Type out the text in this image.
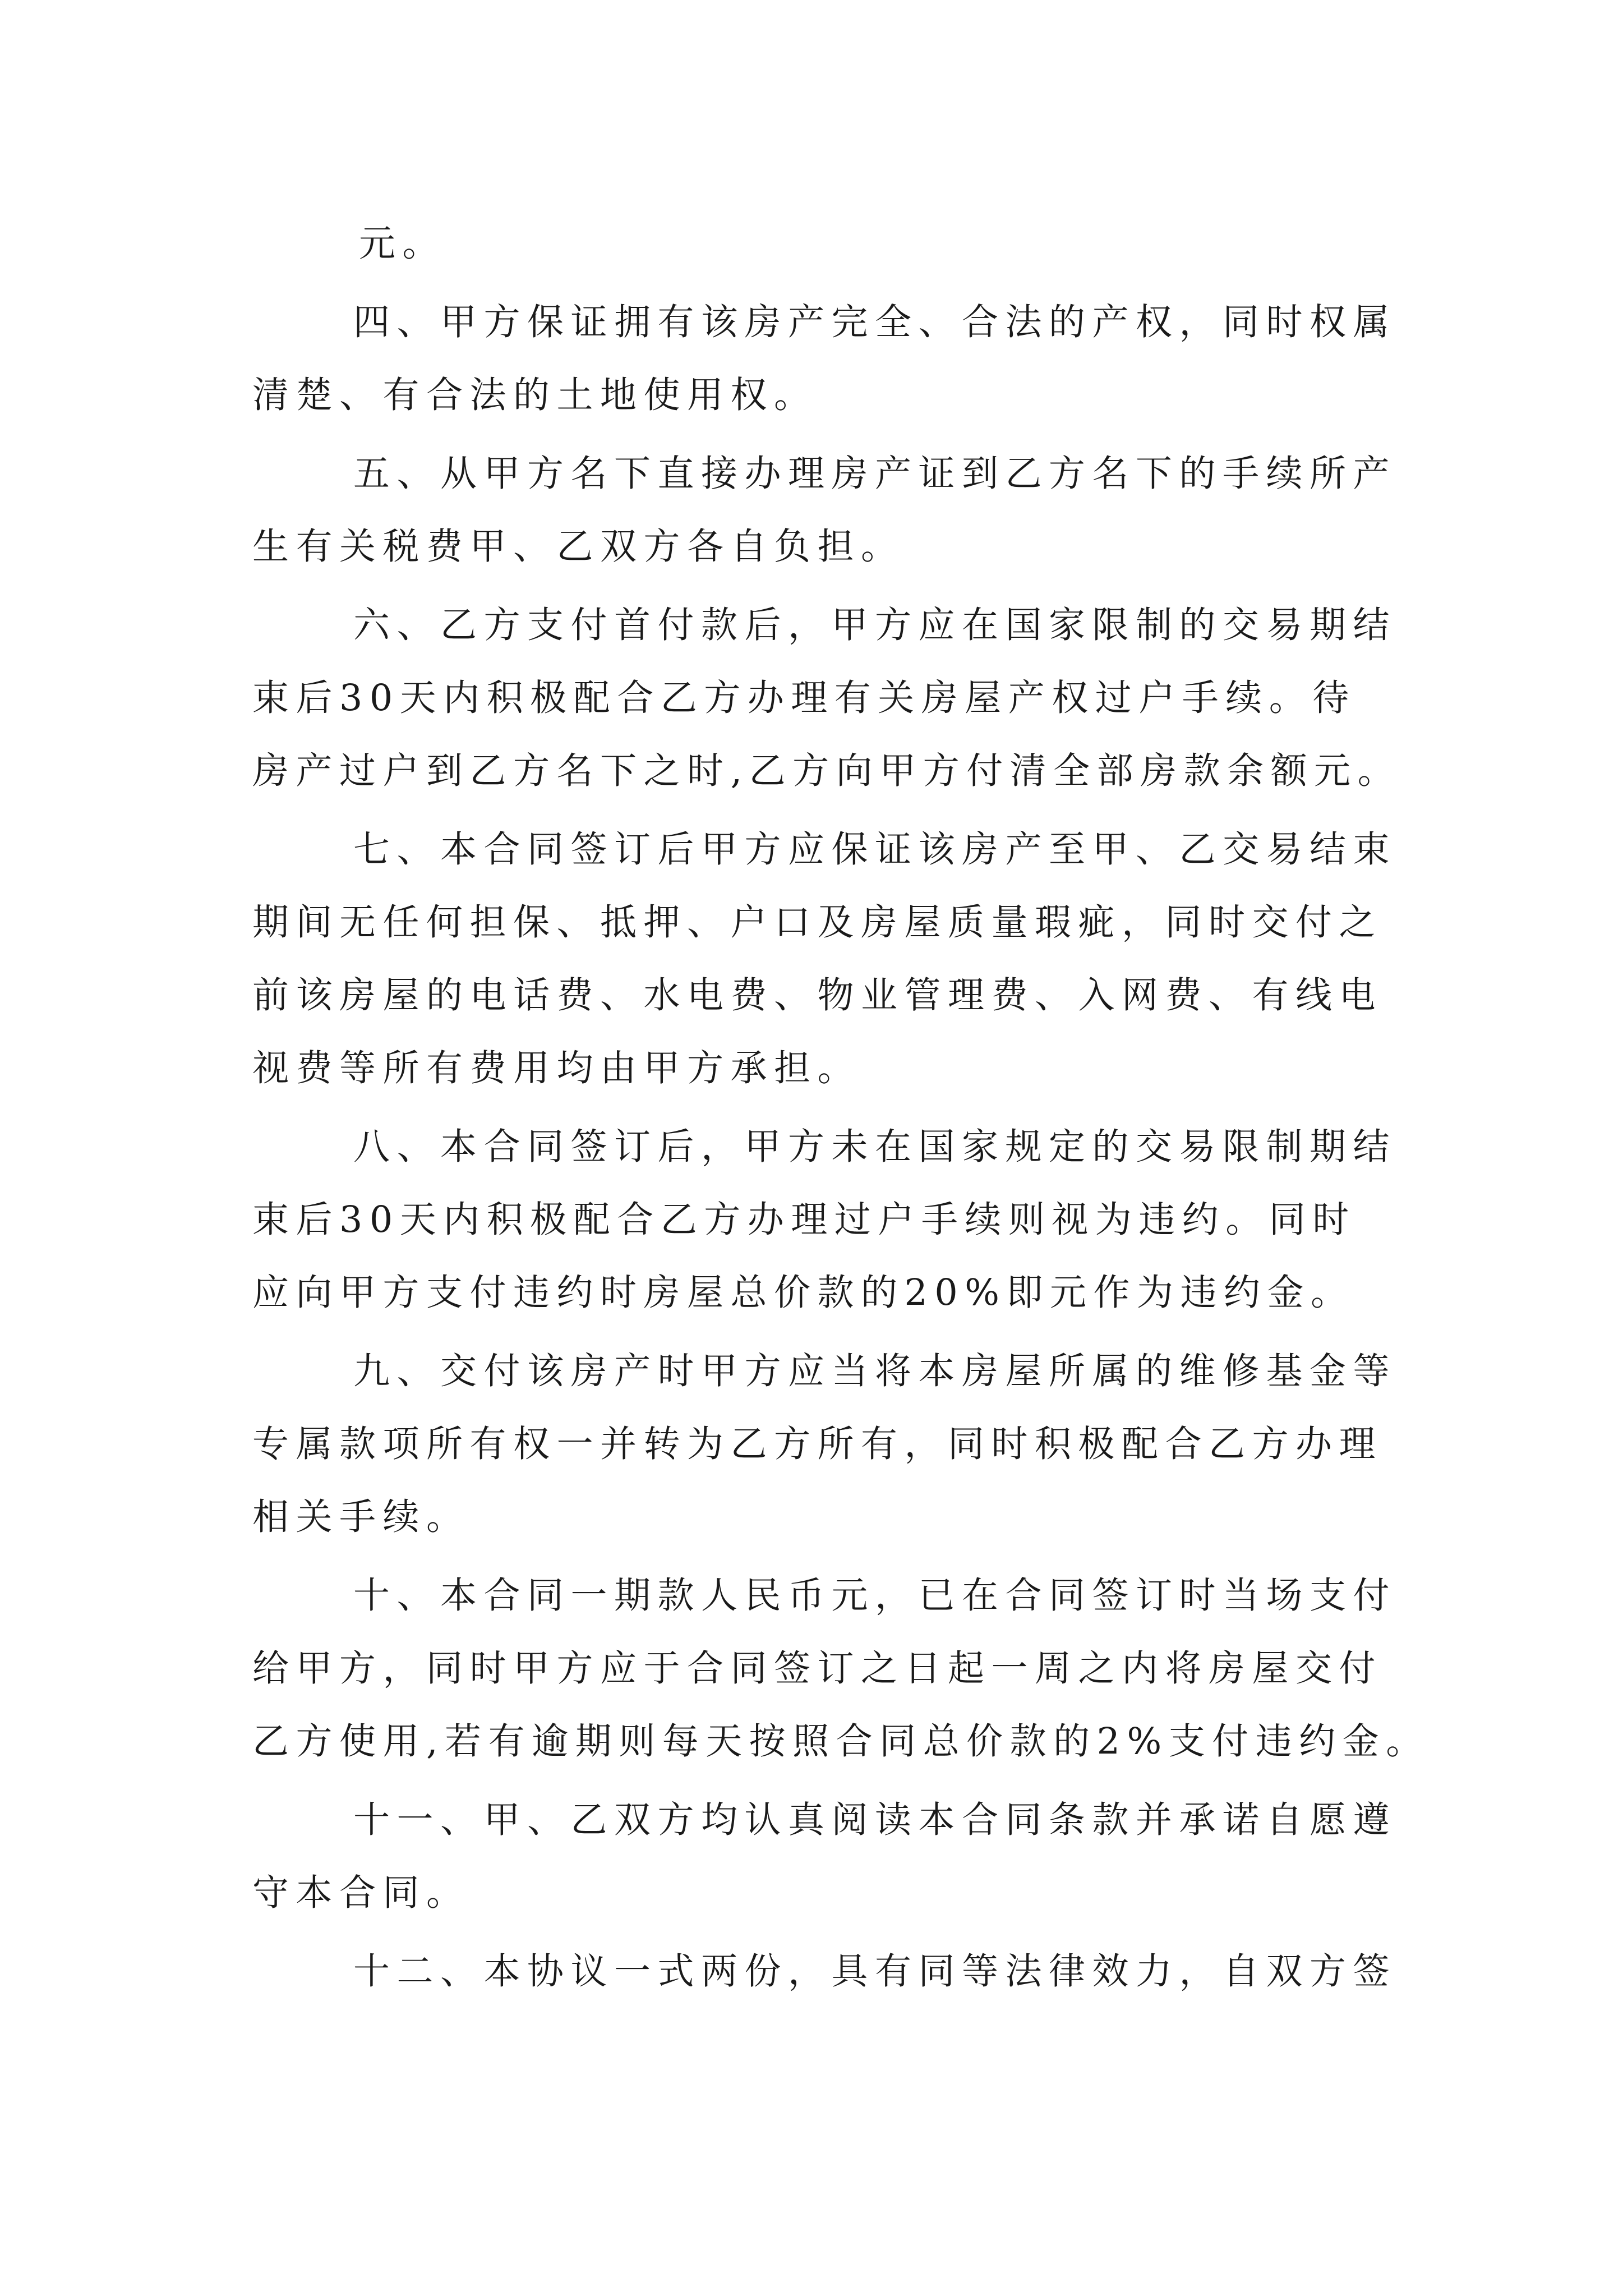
元。
四、甲方保证拥有该房产完全、合法的产权，同时权属
清楚、有合法的土地使用权。
五、从甲方名下直接办理房产证到乙方名下的手续所产
生有关税费甲、乙双方各自负担。
六、乙方支付首付款后，甲方应在国家限制的交易期结
束后30天内积极配合乙方办理有关房屋产权过户手续。待
房产过户到乙方名下之时,乙方向甲方付清全部房款余额元。
七、本合同签订后甲方应保证该房产至甲、乙交易结束
期间无任何担保、抵押、户口及房屋质量瑕疵，同时交付之
前该房屋的电话费、水电费、物业管理费、入网费、有线电
视费等所有费用均由甲方承担。
八、本合同签订后，甲方未在国家规定的交易限制期结
束后30天内积极配合乙方办理过户手续则视为违约。同时
应向甲方支付违约时房屋总价款的20%即元作为违约金。
九、交付该房产时甲方应当将本房屋所属的维修基金等
专属款项所有权一并转为乙方所有，同时积极配合乙方办理
相关手续。
十、本合同一期款人民币元，已在合同签订时当场支付
给甲方，同时甲方应于合同签订之日起一周之内将房屋交付
乙方使用,若有逾期则每天按照合同总价款的2%支付违约金。
十一、甲、乙双方均认真阅读本合同条款并承诺自愿遵
守本合同。
十二、本协议一式两份，具有同等法律效力，自双方签
